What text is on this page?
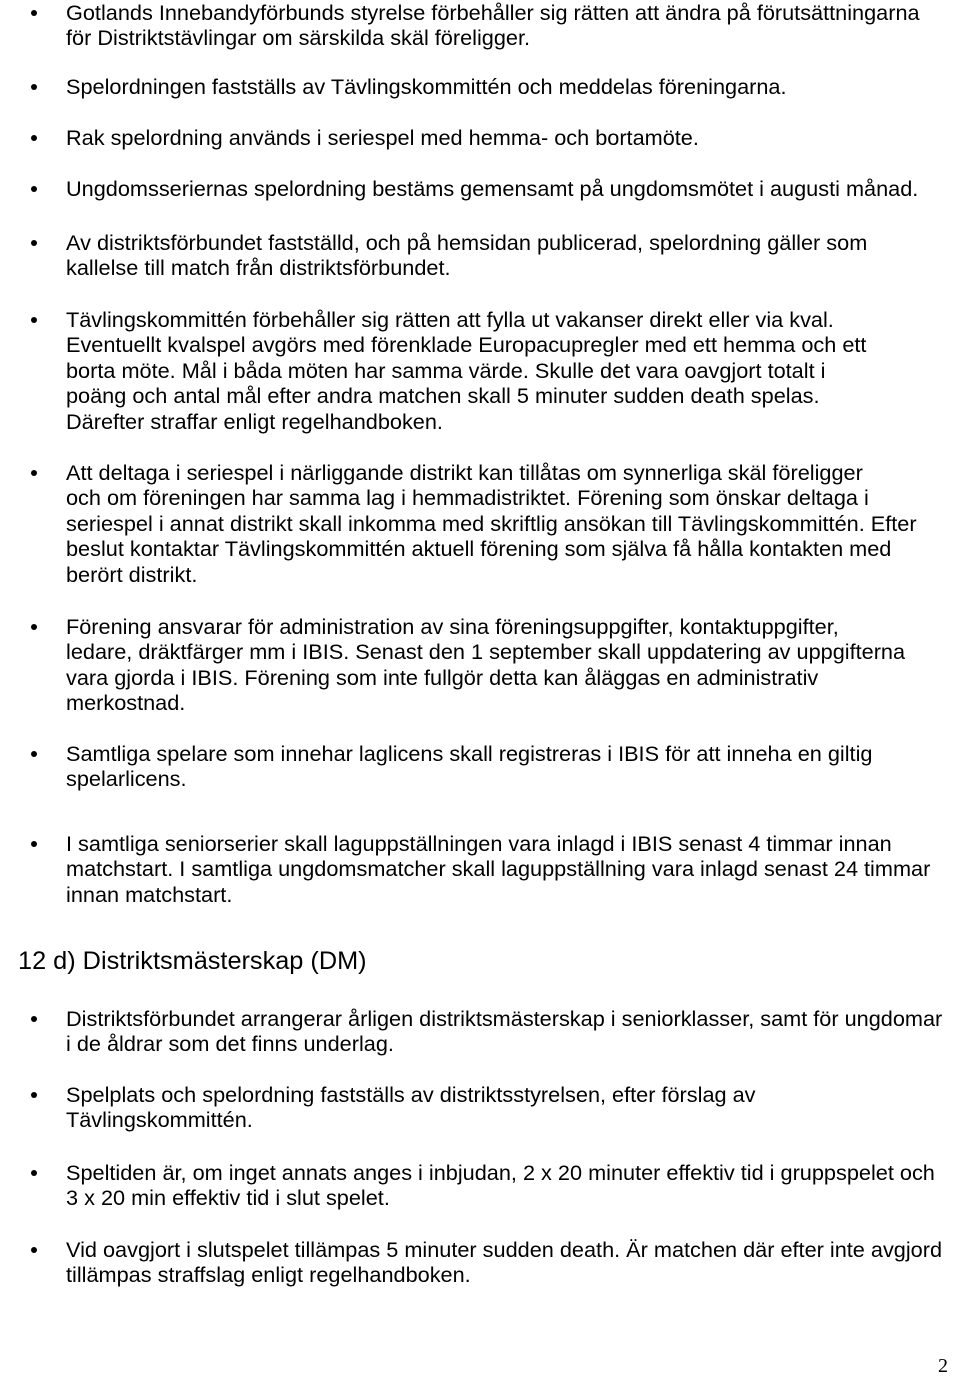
Gotlands Innebandyförbunds styrelse förbehåller sig rätten att ändra på förutsättningarna
för Distriktstävlingar om särskilda skäl föreligger.
Spelordningen fastställs av Tävlingskommittén och meddelas föreningarna.
Rak spelordning används i seriespel med hemma- och bortamöte.
Ungdomsseriernas spelordning bestäms gemensamt på ungdomsmötet i augusti månad.
Av distriktsförbundet fastställd, och på hemsidan publicerad, spelordning gäller som
kallelse till match från distriktsförbundet.
Tävlingskommittén förbehåller sig rätten att fylla ut vakanser direkt eller via kval.
Eventuellt kvalspel avgörs med förenklade Europacupregler med ett hemma och ett
borta möte. Mål i båda möten har samma värde. Skulle det vara oavgjort totalt i
poäng och antal mål efter andra matchen skall 5 minuter sudden death spelas.
Därefter straffar enligt regelhandboken.
Att deltaga i seriespel i närliggande distrikt kan tillåtas om synnerliga skäl föreligger
och om föreningen har samma lag i hemmadistriktet. Förening som önskar deltaga i
seriespel i annat distrikt skall inkomma med skriftlig ansökan till Tävlingskommittén. Efter
beslut kontaktar Tävlingskommittén aktuell förening som själva få hålla kontakten med
berört distrikt.
Förening ansvarar för administration av sina föreningsuppgifter, kontaktuppgifter,
ledare, dräktfärger mm i IBIS. Senast den 1 september skall uppdatering av uppgifterna
vara gjorda i IBIS. Förening som inte fullgör detta kan åläggas en administrativ
merkostnad.
Samtliga spelare som innehar laglicens skall registreras i IBIS för att inneha en giltig
spelarlicens.
I samtliga seniorserier skall laguppställningen vara inlagd i IBIS senast 4 timmar innan
matchstart. I samtliga ungdomsmatcher skall laguppställning vara inlagd senast 24 timmar
innan matchstart.
12 d) Distriktsmästerskap (DM)
Distriktsförbundet arrangerar årligen distriktsmästerskap i seniorklasser, samt för ungdomar
i de åldrar som det finns underlag.
Spelplats och spelordning fastställs av distriktsstyrelsen, efter förslag av
Tävlingskommittén.
Speltiden är, om inget annats anges i inbjudan, 2 x 20 minuter effektiv tid i gruppspelet och
3 x 20 min effektiv tid i slut spelet.
Vid oavgjort i slutspelet tillämpas 5 minuter sudden death. Är matchen där efter inte avgjord
tillämpas straffslag enligt regelhandboken.
2
